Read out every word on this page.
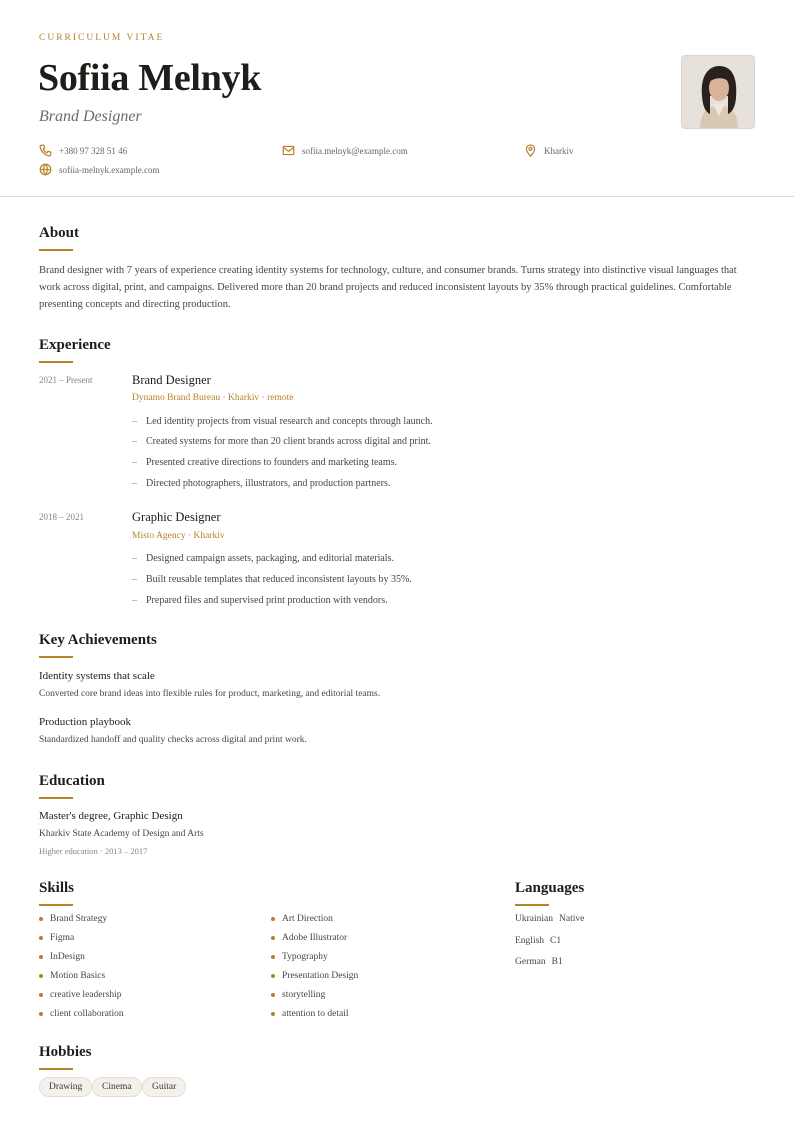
CURRICULUM VITAE
Sofiia Melnyk
Brand Designer
+380 97 328 51 46	sofiia.melnyk@example.com	Kharkiv
sofiia-melnyk.example.com
About
Brand designer with 7 years of experience creating identity systems for technology, culture, and consumer brands. Turns strategy into distinctive visual languages that work across digital, print, and campaigns. Delivered more than 20 brand projects and reduced inconsistent layouts by 35% through practical guidelines. Comfortable presenting concepts and directing production.
Experience
2021 – Present	Brand Designer
Dynamo Brand Bureau · Kharkiv · remote
– Led identity projects from visual research and concepts through launch.
– Created systems for more than 20 client brands across digital and print.
– Presented creative directions to founders and marketing teams.
– Directed photographers, illustrators, and production partners.
2018 – 2021	Graphic Designer
Misto Agency · Kharkiv
– Designed campaign assets, packaging, and editorial materials.
– Built reusable templates that reduced inconsistent layouts by 35%.
– Prepared files and supervised print production with vendors.
Key Achievements
Identity systems that scale
Converted core brand ideas into flexible rules for product, marketing, and editorial teams.
Production playbook
Standardized handoff and quality checks across digital and print work.
Education
Master's degree, Graphic Design
Kharkiv State Academy of Design and Arts
Higher education · 2013 – 2017
Skills
Brand Strategy
Figma
InDesign
Motion Basics
creative leadership
client collaboration
Art Direction
Adobe Illustrator
Typography
Presentation Design
storytelling
attention to detail
Languages
Ukrainian Native
English C1
German B1
Hobbies
Drawing	Cinema	Guitar
